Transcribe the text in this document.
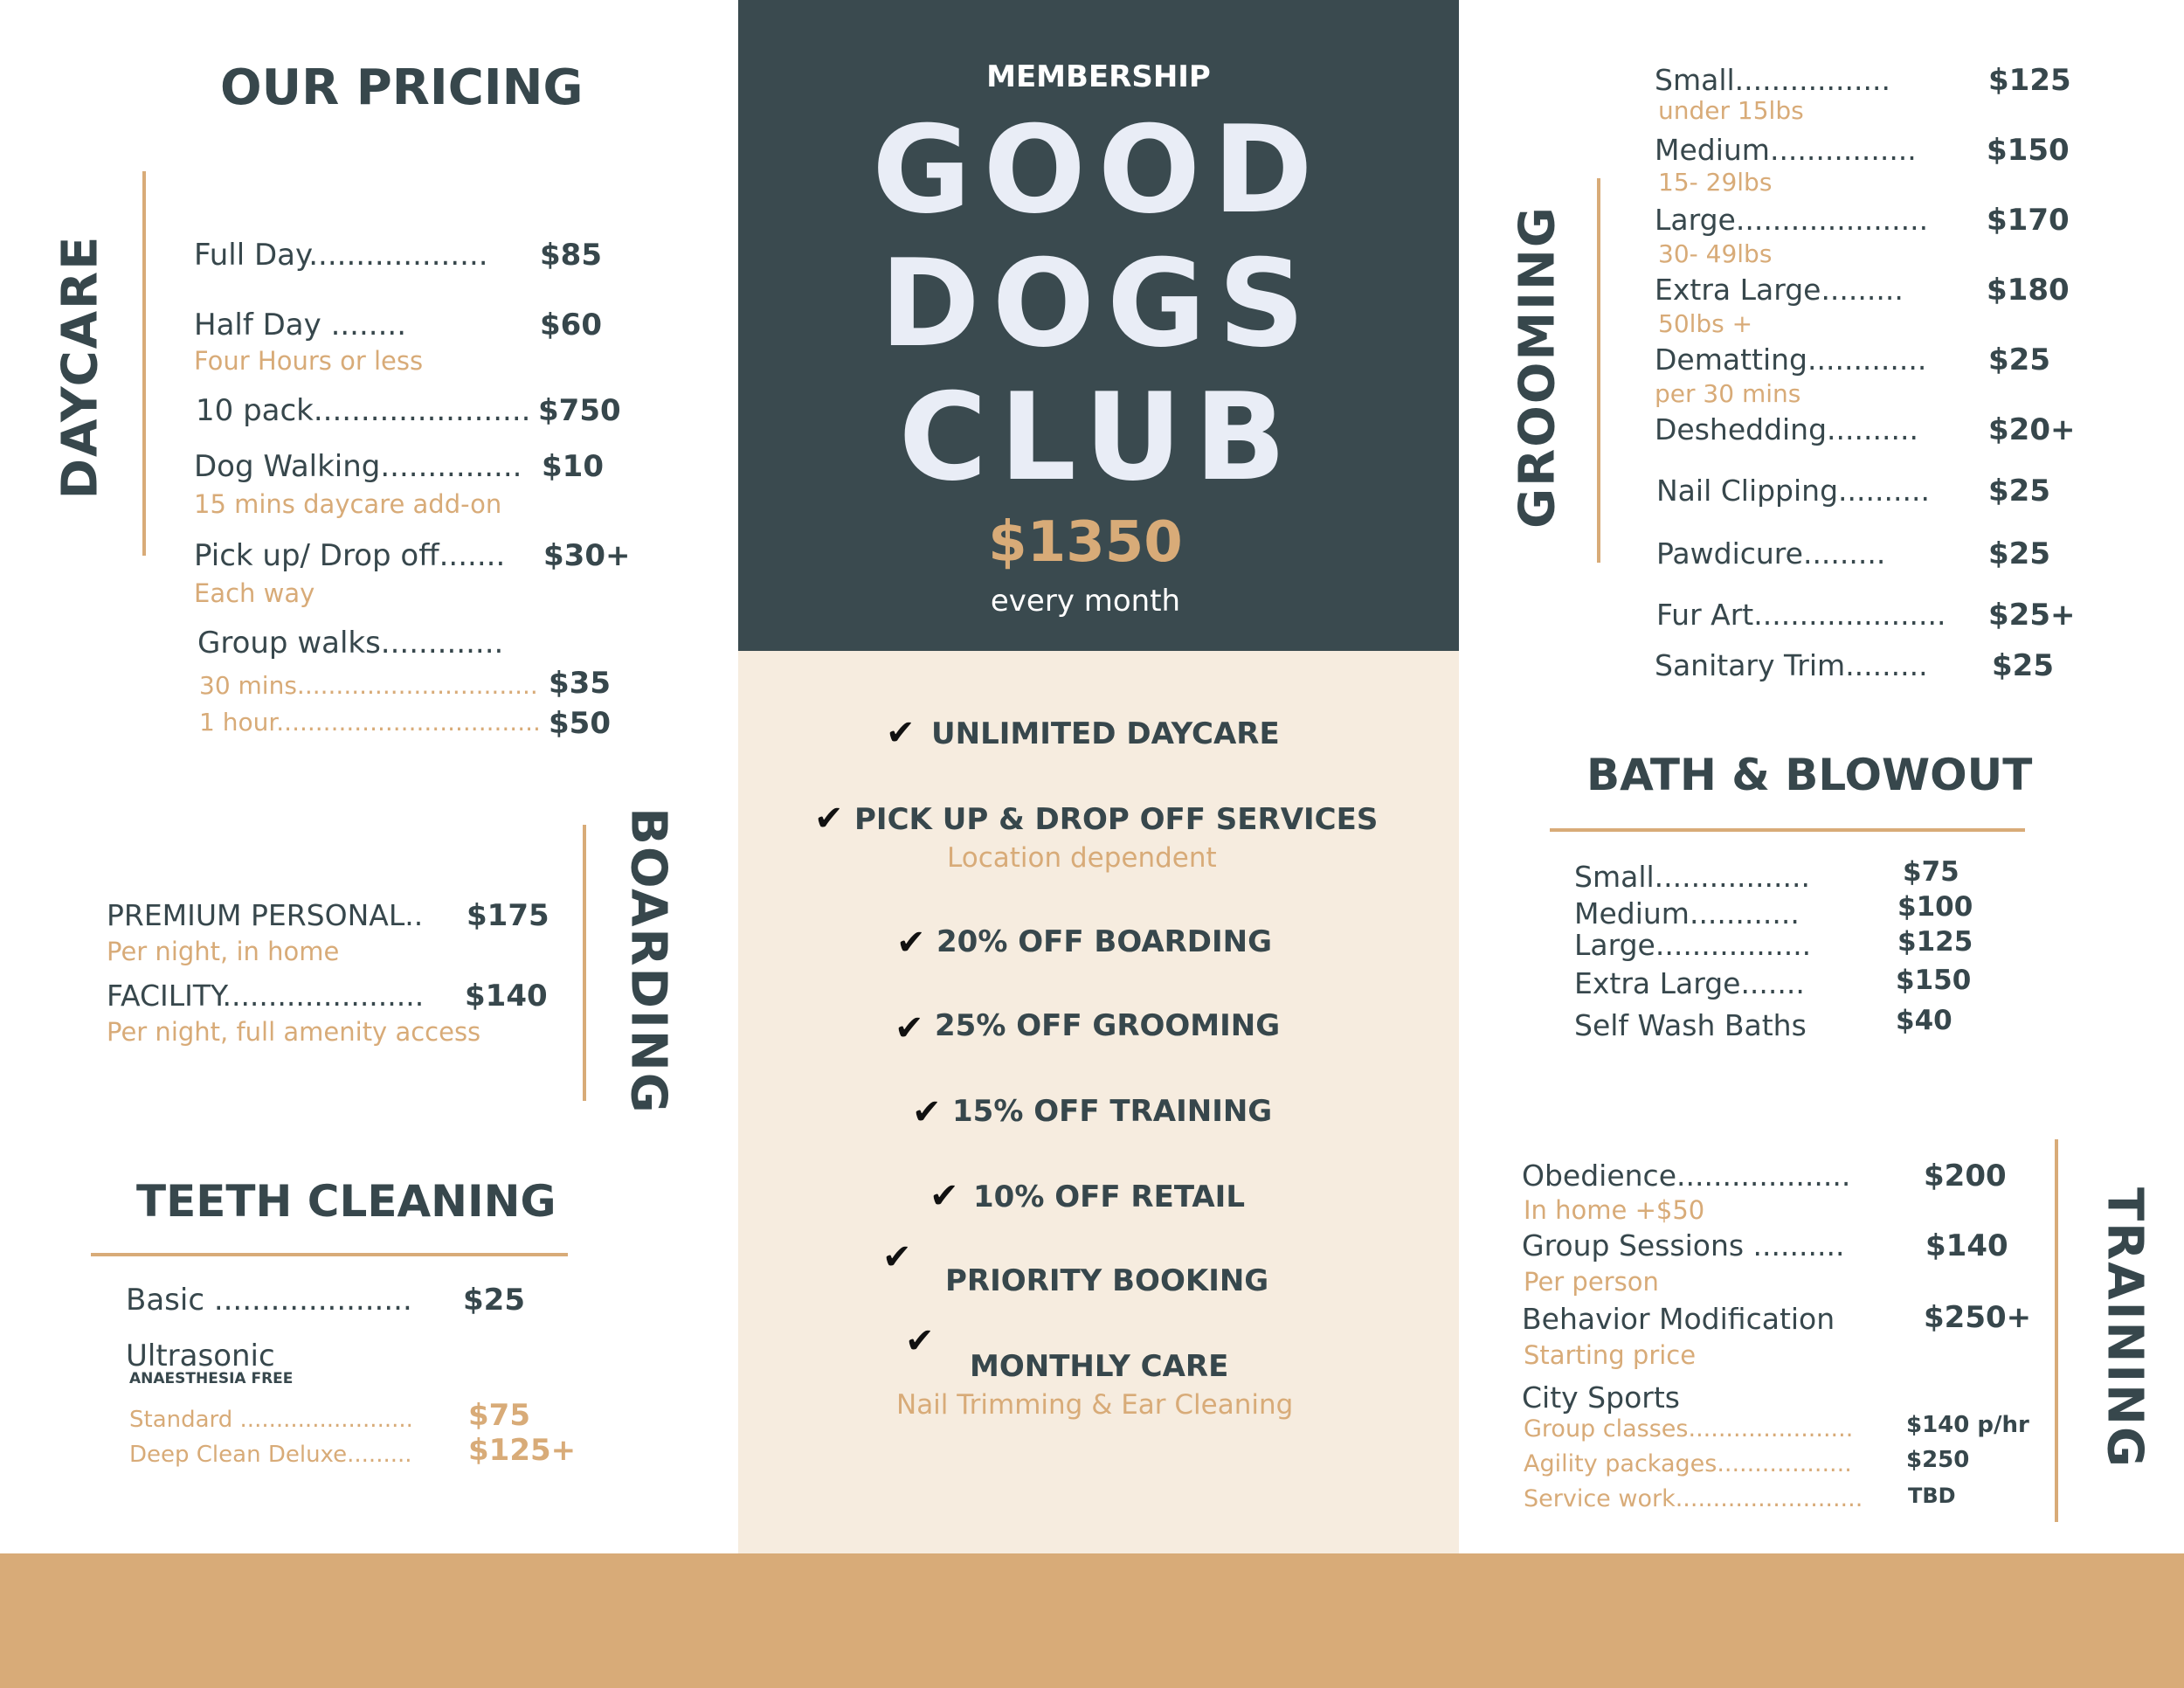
OUR PRICING
DAYCARE	Full Day................... $85
Half Day ........	$60
Four Hours or less
10 pack....................... $750
Dog Walking............... $10
15 mins daycare add-on
Pick up/ Drop off....... $30+
Each way
Group walks.............
30 mins............................... $35
1 hour.................................. $50
BOARDING
PREMIUM PERSONAL.. $175
Per night, in home
FACILITY...................... $140
Per night, full amenity access
TEETH CLEANING
Basic ..................... $25
Ultrasonic
ANAESTHESIA FREE
Standard ........................ $75
Deep Clean Deluxe......... $125+
MEMBERSHIP
GOOD
DOGS
CLUB
$1350
every month
✔ UNLIMITED DAYCARE
✔ PICK UP & DROP OFF SERVICES
Location dependent
✔ 20% OFF BOARDING
✔ 25% OFF GROOMING
✔ 15% OFF TRAINING
✔ 10% OFF RETAIL
✔
PRIORITY BOOKING
✔
MONTHLY CARE
Nail Trimming & Ear Cleaning
GROOMING
Small.................	$125
under 15lbs
Medium................ $150
15- 29lbs
Large..................... $170
30- 49lbs
Extra Large.........	$180
50lbs +
Dematting............. $25
per 30 mins
Deshedding.......... $20+
Nail Clipping.......... $25
Pawdicure.........	$25
Fur Art..................... $25+
Sanitary Trim......... $25
BATH & BLOWOUT
Small.................	$75
Medium............	$100
Large.................	$125
Extra Large.......	$150
Self Wash Baths	$40
TRAINING
Obedience................... $200
In home +$50
Group Sessions ..........	$140
Per person
Behavior Modification	$250+
Starting price
City Sports
Group classes...................... $140 p/hr
Agility packages.................. $250
Service work......................... TBD
